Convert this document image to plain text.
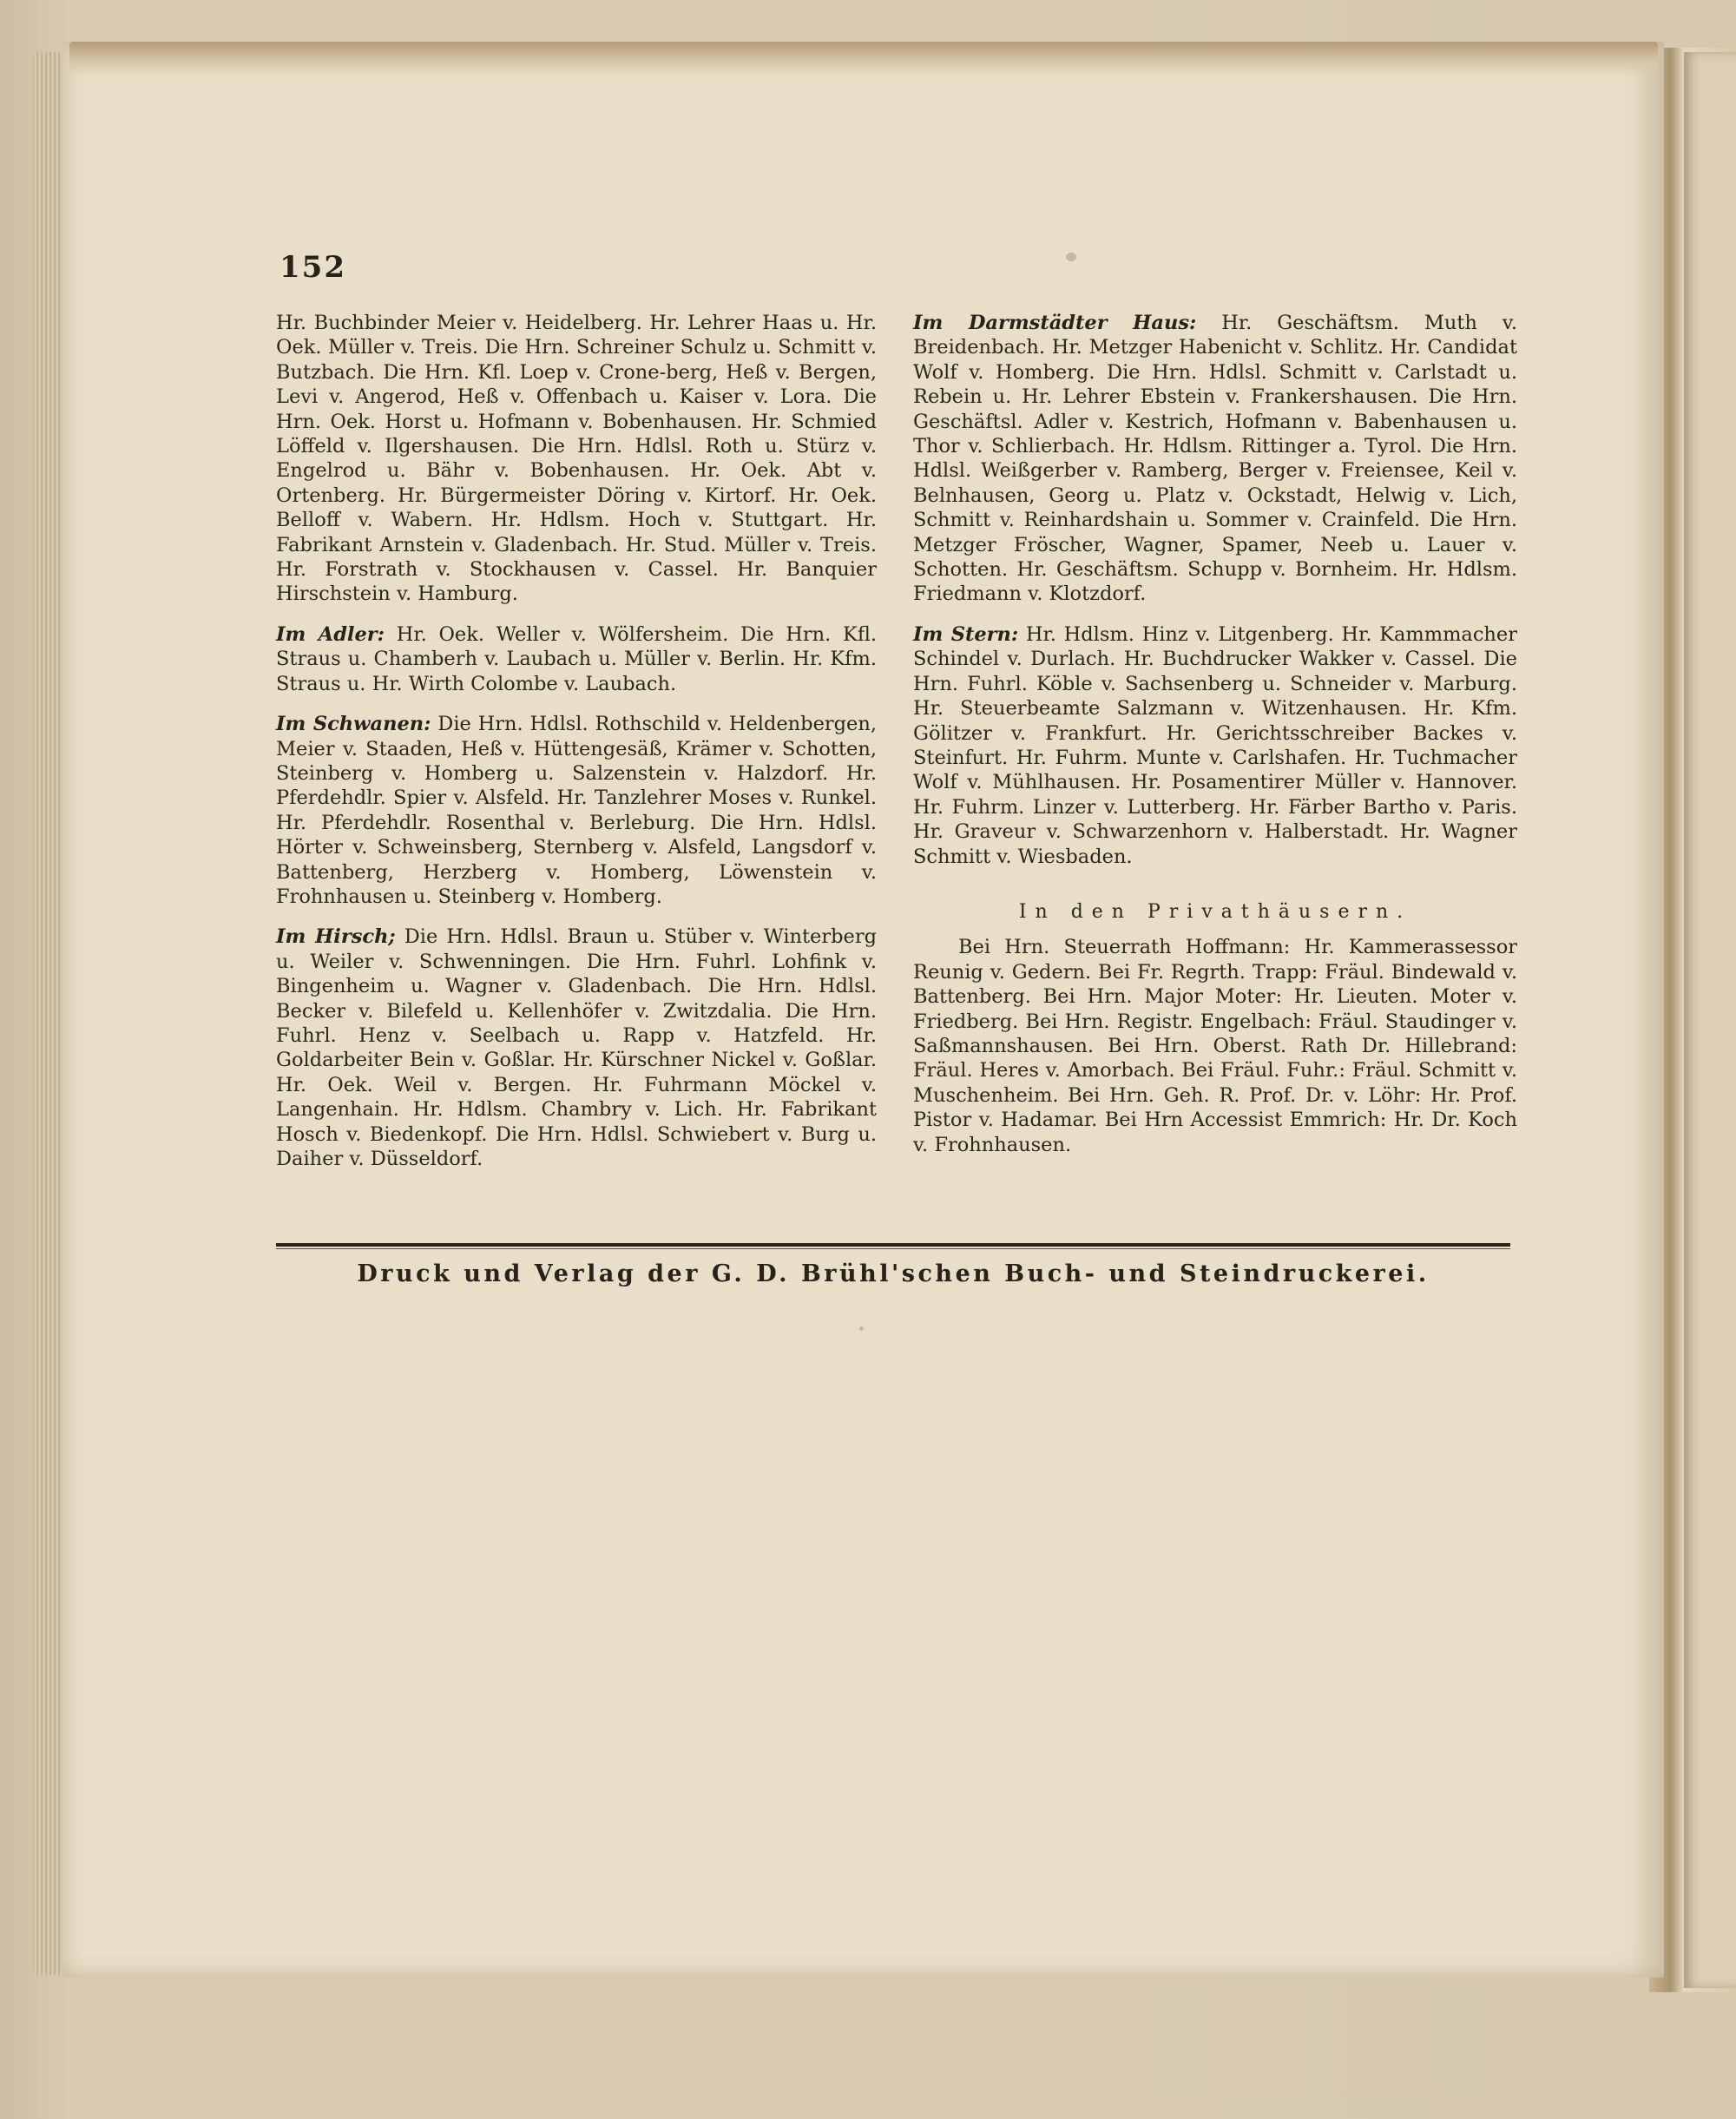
152

Hr. Buchbinder Meier v. Heidelberg. Hr. Lehrer Haas u. Hr. Oek. Müller v. Treis. Die Hrn. Schreiner Schulz u. Schmitt v. Butzbach. Die Hrn. Kfl. Loep v. Crone-berg, Heß v. Bergen, Levi v. Angerod, Heß v. Offenbach u. Kaiser v. Lora. Die Hrn. Oek. Horst u. Hofmann v. Bobenhausen. Hr. Schmied Löffeld v. Ilgershausen. Die Hrn. Hdlsl. Roth u. Stürz v. Engelrod u. Bähr v. Bobenhausen. Hr. Oek. Abt v. Ortenberg. Hr. Bürgermeister Döring v. Kirtorf. Hr. Oek. Belloff v. Wabern. Hr. Hdlsm. Hoch v. Stuttgart. Hr. Fabrikant Arnstein v. Gladenbach. Hr. Stud. Müller v. Treis. Hr. Forstrath v. Stockhausen v. Cassel. Hr. Banquier Hirschstein v. Hamburg.

Im Adler: Hr. Oek. Weller v. Wölfersheim. Die Hrn. Kfl. Straus u. Chamberh v. Laubach u. Müller v. Berlin. Hr. Kfm. Straus u. Hr. Wirth Colombe v. Laubach.

Im Schwanen: Die Hrn. Hdlsl. Rothschild v. Heldenbergen, Meier v. Staaden, Heß v. Hüttengesäß, Krämer v. Schotten, Steinberg v. Homberg u. Salzenstein v. Halzdorf. Hr. Pferdehdlr. Spier v. Alsfeld. Hr. Tanzlehrer Moses v. Runkel. Hr. Pferdehdlr. Rosenthal v. Berleburg. Die Hrn. Hdlsl. Hörter v. Schweinsberg, Sternberg v. Alsfeld, Langsdorf v. Battenberg, Herzberg v. Homberg, Löwenstein v. Frohnhausen u. Steinberg v. Homberg.

Im Hirsch; Die Hrn. Hdlsl. Braun u. Stüber v. Winterberg u. Weiler v. Schwenningen. Die Hrn. Fuhrl. Lohfink v. Bingenheim u. Wagner v. Gladenbach. Die Hrn. Hdlsl. Becker v. Bilefeld u. Kellenhöfer v. Zwitzdalia. Die Hrn. Fuhrl. Henz v. Seelbach u. Rapp v. Hatzfeld. Hr. Goldarbeiter Bein v. Goßlar. Hr. Kürschner Nickel v. Goßlar. Hr. Oek. Weil v. Bergen. Hr. Fuhrmann Möckel v. Langenhain. Hr. Hdlsm. Chambry v. Lich. Hr. Fabrikant Hosch v. Biedenkopf. Die Hrn. Hdlsl. Schwiebert v. Burg u. Daiher v. Düsseldorf.

Im Darmstädter Haus: Hr. Geschäftsm. Muth v. Breidenbach. Hr. Metzger Habenicht v. Schlitz. Hr. Candidat Wolf v. Homberg. Die Hrn. Hdlsl. Schmitt v. Carlstadt u. Rebein u. Hr. Lehrer Ebstein v. Frankershausen. Die Hrn. Geschäftsl. Adler v. Kestrich, Hofmann v. Babenhausen u. Thor v. Schlierbach. Hr. Hdlsm. Rittinger a. Tyrol. Die Hrn. Hdlsl. Weißgerber v. Ramberg, Berger v. Freiensee, Keil v. Belnhausen, Georg u. Platz v. Ockstadt, Helwig v. Lich, Schmitt v. Reinhardshain u. Sommer v. Crainfeld. Die Hrn. Metzger Fröscher, Wagner, Spamer, Neeb u. Lauer v. Schotten. Hr. Geschäftsm. Schupp v. Bornheim. Hr. Hdlsm. Friedmann v. Klotzdorf.

Im Stern: Hr. Hdlsm. Hinz v. Litgenberg. Hr. Kammmacher Schindel v. Durlach. Hr. Buchdrucker Wakker v. Cassel. Die Hrn. Fuhrl. Köble v. Sachsenberg u. Schneider v. Marburg. Hr. Steuerbeamte Salzmann v. Witzenhausen. Hr. Kfm. Gölitzer v. Frankfurt. Hr. Gerichtsschreiber Backes v. Steinfurt. Hr. Fuhrm. Munte v. Carlshafen. Hr. Tuchmacher Wolf v. Mühlhausen. Hr. Posamentirer Müller v. Hannover. Hr. Fuhrm. Linzer v. Lutterberg. Hr. Färber Bartho v. Paris. Hr. Graveur v. Schwarzenhorn v. Halberstadt. Hr. Wagner Schmitt v. Wiesbaden.

In den Privathäusern.

Bei Hrn. Steuerrath Hoffmann: Hr. Kammerassessor Reunig v. Gedern. Bei Fr. Regrth. Trapp: Fräul. Bindewald v. Battenberg. Bei Hrn. Major Moter: Hr. Lieuten. Moter v. Friedberg. Bei Hrn. Registr. Engelbach: Fräul. Staudinger v. Saßmannshausen. Bei Hrn. Oberst. Rath Dr. Hillebrand: Fräul. Heres v. Amorbach. Bei Fräul. Fuhr.: Fräul. Schmitt v. Muschenheim. Bei Hrn. Geh. R. Prof. Dr. v. Löhr: Hr. Prof. Pistor v. Hadamar. Bei Hrn Accessist Emmrich: Hr. Dr. Koch v. Frohnhausen.

Druck und Verlag der G. D. Brühl'schen Buch- und Steindruckerei.
